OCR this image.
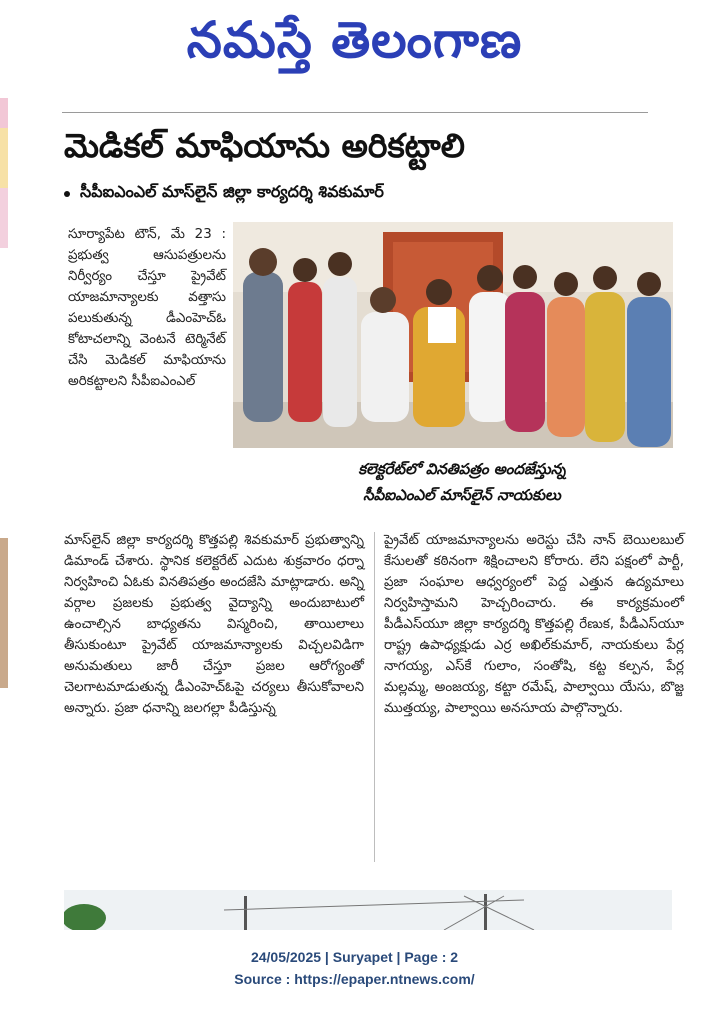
నమస్తే తెలంగాణ
మెడికల్ మాఫియాను అరికట్టాలి
సీపీఐఎంఎల్ మాస్‌లైన్ జిల్లా కార్యదర్శి శివకుమార్

సూర్యాపేట టౌన్, మే 23 : ప్రభుత్వ ఆసుపత్రులను నిర్వీర్యం చేస్తూ ప్రైవేట్ యాజమాన్యాలకు వత్తాసు పలుకుతున్న డీఎంహెచ్‌ఓ కోటాచలాన్ని వెంటనే టెర్మినేట్ చేసి మెడికల్ మాఫియాను అరికట్టాలని సీపీఐఎంఎల్

కలెక్టరేట్‌లో వినతిపత్రం అందజేస్తున్న
సీపీఐఎంఎల్ మాస్‌లైన్ నాయకులు

మాస్‌లైన్ జిల్లా కార్యదర్శి కొత్తపల్లి శివకుమార్ ప్రభుత్వాన్ని డిమాండ్ చేశారు. స్థానిక కలెక్టరేట్ ఎదుట శుక్రవారం ధర్నా నిర్వహించి ఏఓకు వినతిపత్రం అందజేసి మాట్లాడారు. అన్ని వర్గాల ప్రజలకు ప్రభుత్వ వైద్యాన్ని అందుబాటులో ఉంచాల్సిన బాధ్యతను విస్మరించి, తాయిలాలు తీసుకుంటూ ప్రైవేట్ యాజమాన్యాలకు విచ్చలవిడిగా అనుమతులు జారీ చేస్తూ ప్రజల ఆరోగ్యంతో చెలగాటమాడుతున్న డీఎంహెచ్‌ఓపై చర్యలు తీసుకోవాలని అన్నారు. ప్రజా ధనాన్ని జలగల్లా పీడిస్తున్న

ప్రైవేట్ యాజమాన్యాలను అరెస్టు చేసి నాన్ బెయిలబుల్ కేసులతో కఠినంగా శిక్షించాలని కోరారు. లేని పక్షంలో పార్టీ, ప్రజా సంఘాల ఆధ్వర్యంలో పెద్ద ఎత్తున ఉద్యమాలు నిర్వహిస్తామని హెచ్చరించారు. ఈ కార్యక్రమంలో పీడీఎస్‌యూ జిల్లా కార్యదర్శి కొత్తపల్లి రేణుక, పీడీఎస్‌యూ రాష్ట్ర ఉపాధ్యక్షుడు ఎర్ర అఖిల్‌కుమార్, నాయకులు పేర్ల నాగయ్య, ఎస్‌కే గులాం, సంతోషి, కట్ట కల్పన, పేర్ల మల్లమ్మ, అంజయ్య, కట్టా రమేష్, పాల్వాయి యేసు, బొజ్జ ముత్తయ్య, పాల్వాయి అనసూయ పాల్గొన్నారు.

24/05/2025 | Suryapet | Page : 2
Source : https://epaper.ntnews.com/
